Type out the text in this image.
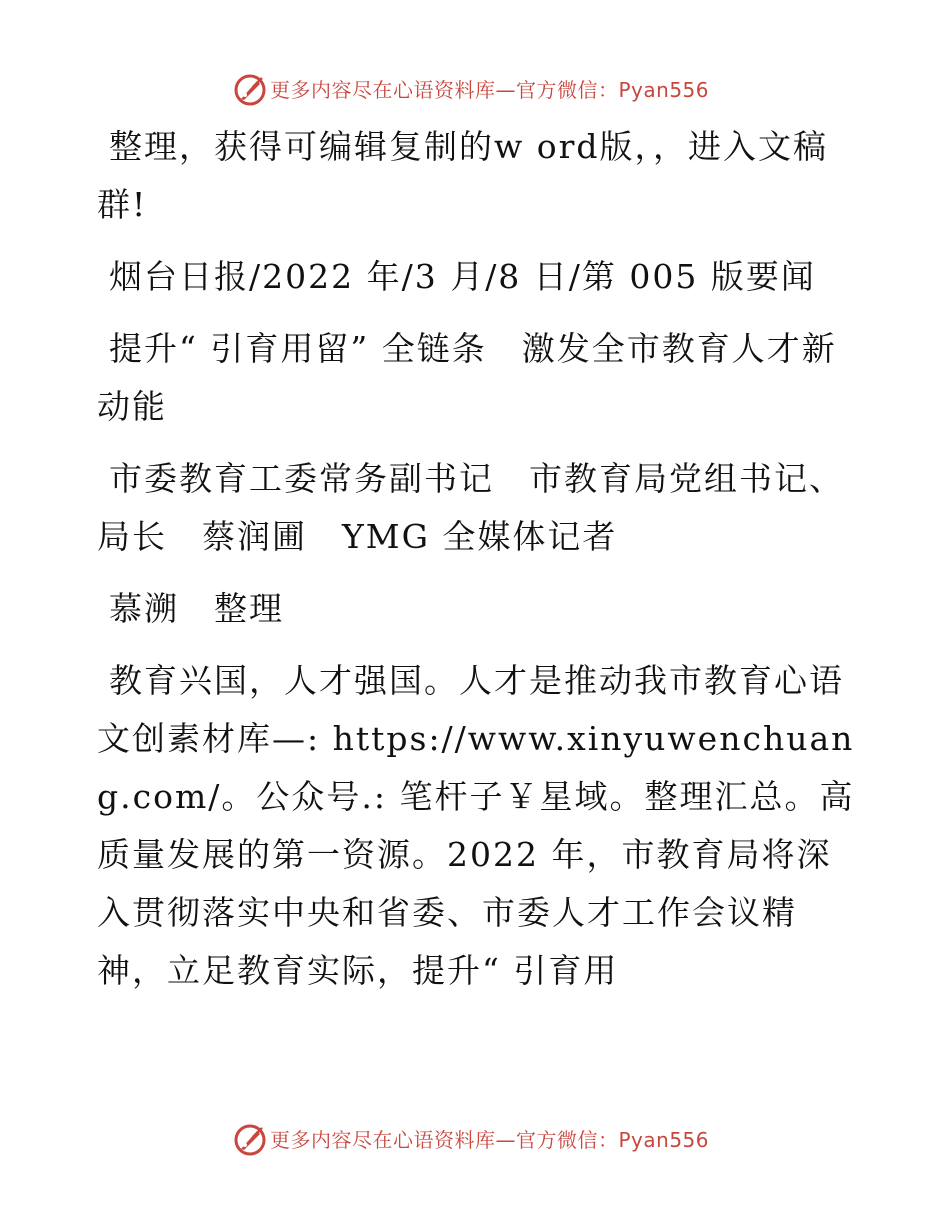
更多内容尽在心语资料库—官方微信：Pyan556

整理，获得可编辑复制的w ord版，，进入文稿群!

烟台日报/2022 年/3 月/8 日/第 005 版要闻

提升“ 引育用留” 全链条　激发全市教育人才新动能

市委教育工委常务副书记　市教育局党组书记、局长　蔡润圃　YMG 全媒体记者

慕溯　整理

教育兴国，人才强国。人才是推动我市教育心语文创素材库—: https://www.xinyuwenchuang.com/。公众号.: 笔杆子￥星域。整理汇总。高质量发展的第一资源。2022 年，市教育局将深入贯彻落实中央和省委、市委人才工作会议精神，立足教育实际，提升“ 引育用

更多内容尽在心语资料库—官方微信：Pyan556
